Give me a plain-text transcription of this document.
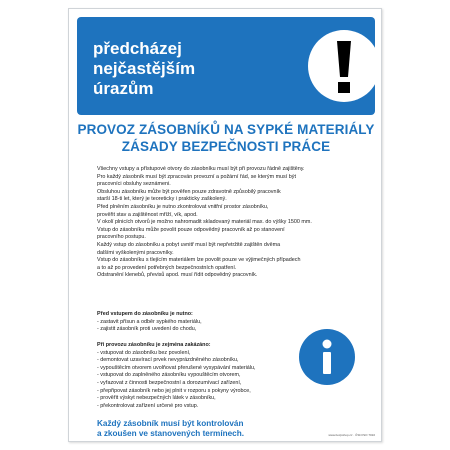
předcházej
nejčastějším
úrazům
PROVOZ ZÁSOBNÍKŮ NA SYPKÉ MATERIÁLY
ZÁSADY BEZPEČNOSTI PRÁCE
Všechny vstupy a přístupové otvory do zásobníku musí být při provozu řádně zajištěny.
Pro každý zásobník musí být zpracován provozní a požární řád, se kterým musí být
pracovníci obsluhy seznámeni.
Obsluhou zásobníku může být pověřen pouze zdravotně způsobilý pracovník
starší 18-ti let, který je teoreticky i prakticky zaškolený.
Před plněním zásobníku je nutno zkontrolovat vnitřní prostor zásobníku,
prověřit stav a zajištěnost mříží, vík, apod.
V okolí plnicích otvorů je možno nahromadit skladovaný materiál max. do výšky 1500 mm.
Vstup do zásobníku může povolit pouze odpovědný pracovník až po stanovení
pracovního postupu.
Každý vstup do zásobníku a pobyt uvnitř musí být nepřetržitě zajištěn dvěma
dalšími vyškolenými pracovníky.
Vstup do zásobníku s tlejícím materiálem lze povolit pouze ve výjimečných případech
a to až po provedení potřebných bezpečnostních opatření.
Odstranění klenebů, převisů apod. musí řídit odpovědný pracovník.
Před vstupem do zásobníku je nutno:
- zastavit přísun a odběr sypkého materiálu,
- zajistit zásobník proti uvedení do chodu,
Při provozu zásobníku je zejména zakázáno:
- vstupovat do zásobníku bez povolení,
- demontovat uzavírací prvek nevyprázdněného zásobníku,
- vypouštěcím otvorem uvolňovat přerušené vysypávání materiálu,
- vstupovat do zaplněného zásobníku vypouštěcím otvorem,
- vyřazovat z činnosti bezpečnostní a dorozumívací zařízení,
- přepřipovat zásobník nebo jej plnit v rozporu s pokyny výrobce,
- prověřit výskyt nebezpečných látek v zásobníku,
- překontrolovat zařízení určené pro vstup.
Každý zásobník musí být kontrolován
a zkoušen ve stanovených termínech.	www.bozpshop.cz · ČSN ISO 7010
